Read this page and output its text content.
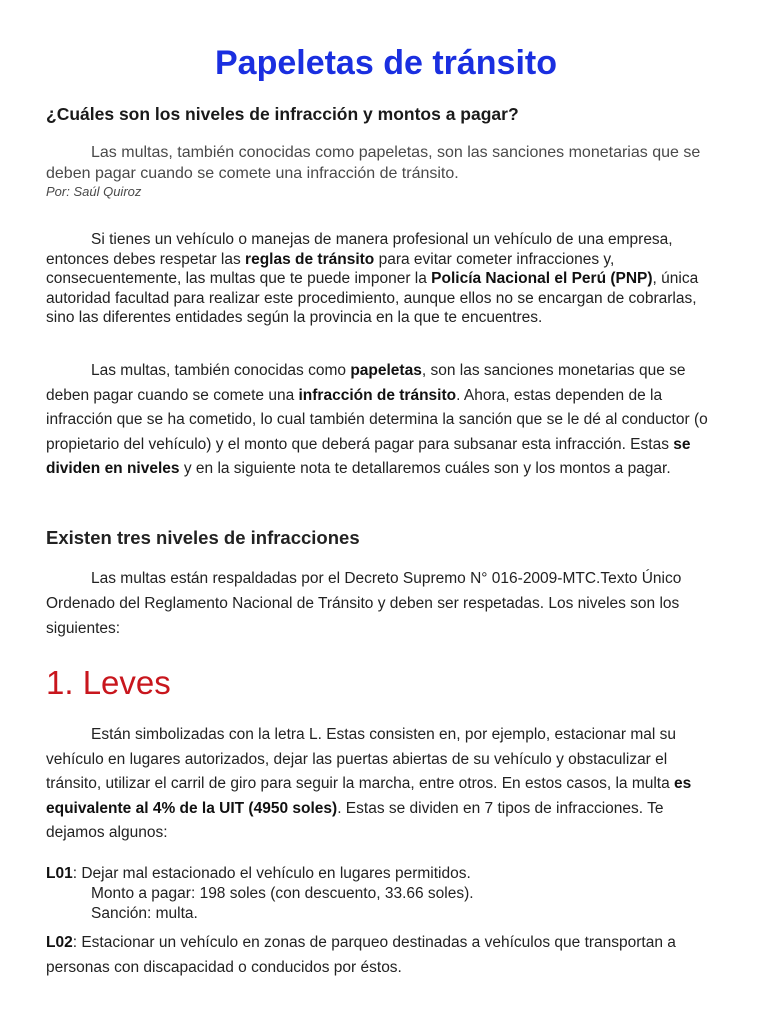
Papeletas de tránsito
¿Cuáles son los niveles de infracción y montos a pagar?

Las multas, también conocidas como papeletas, son las sanciones monetarias que se deben pagar cuando se comete una infracción de tránsito.

Por: Saúl Quiroz

Si tienes un vehículo o manejas de manera profesional un vehículo de una empresa, entonces debes respetar las reglas de tránsito para evitar cometer infracciones y, consecuentemente, las multas que te puede imponer la Policía Nacional el Perú (PNP), única autoridad facultad para realizar este procedimiento, aunque ellos no se encargan de cobrarlas, sino las diferentes entidades según la provincia en la que te encuentres.

Las multas, también conocidas como papeletas, son las sanciones monetarias que se deben pagar cuando se comete una infracción de tránsito. Ahora, estas dependen de la infracción que se ha cometido, lo cual también determina la sanción que se le dé al conductor (o propietario del vehículo) y el monto que deberá pagar para subsanar esta infracción. Estas se dividen en niveles y en la siguiente nota te detallaremos cuáles son y los montos a pagar.

Existen tres niveles de infracciones

Las multas están respaldadas por el Decreto Supremo N° 016-2009-MTC.Texto Único Ordenado del Reglamento Nacional de Tránsito y deben ser respetadas. Los niveles son los siguientes:

1. Leves

Están simbolizadas con la letra L. Estas consisten en, por ejemplo, estacionar mal su vehículo en lugares autorizados, dejar las puertas abiertas de su vehículo y obstaculizar el tránsito, utilizar el carril de giro para seguir la marcha, entre otros. En estos casos, la multa es equivalente al 4% de la UIT (4950 soles). Estas se dividen en 7 tipos de infracciones. Te dejamos algunos:

L01: Dejar mal estacionado el vehículo en lugares permitidos.
Monto a pagar: 198 soles (con descuento, 33.66 soles).
Sanción: multa.

L02: Estacionar un vehículo en zonas de parqueo destinadas a vehículos que transportan a personas con discapacidad o conducidos por éstos.
